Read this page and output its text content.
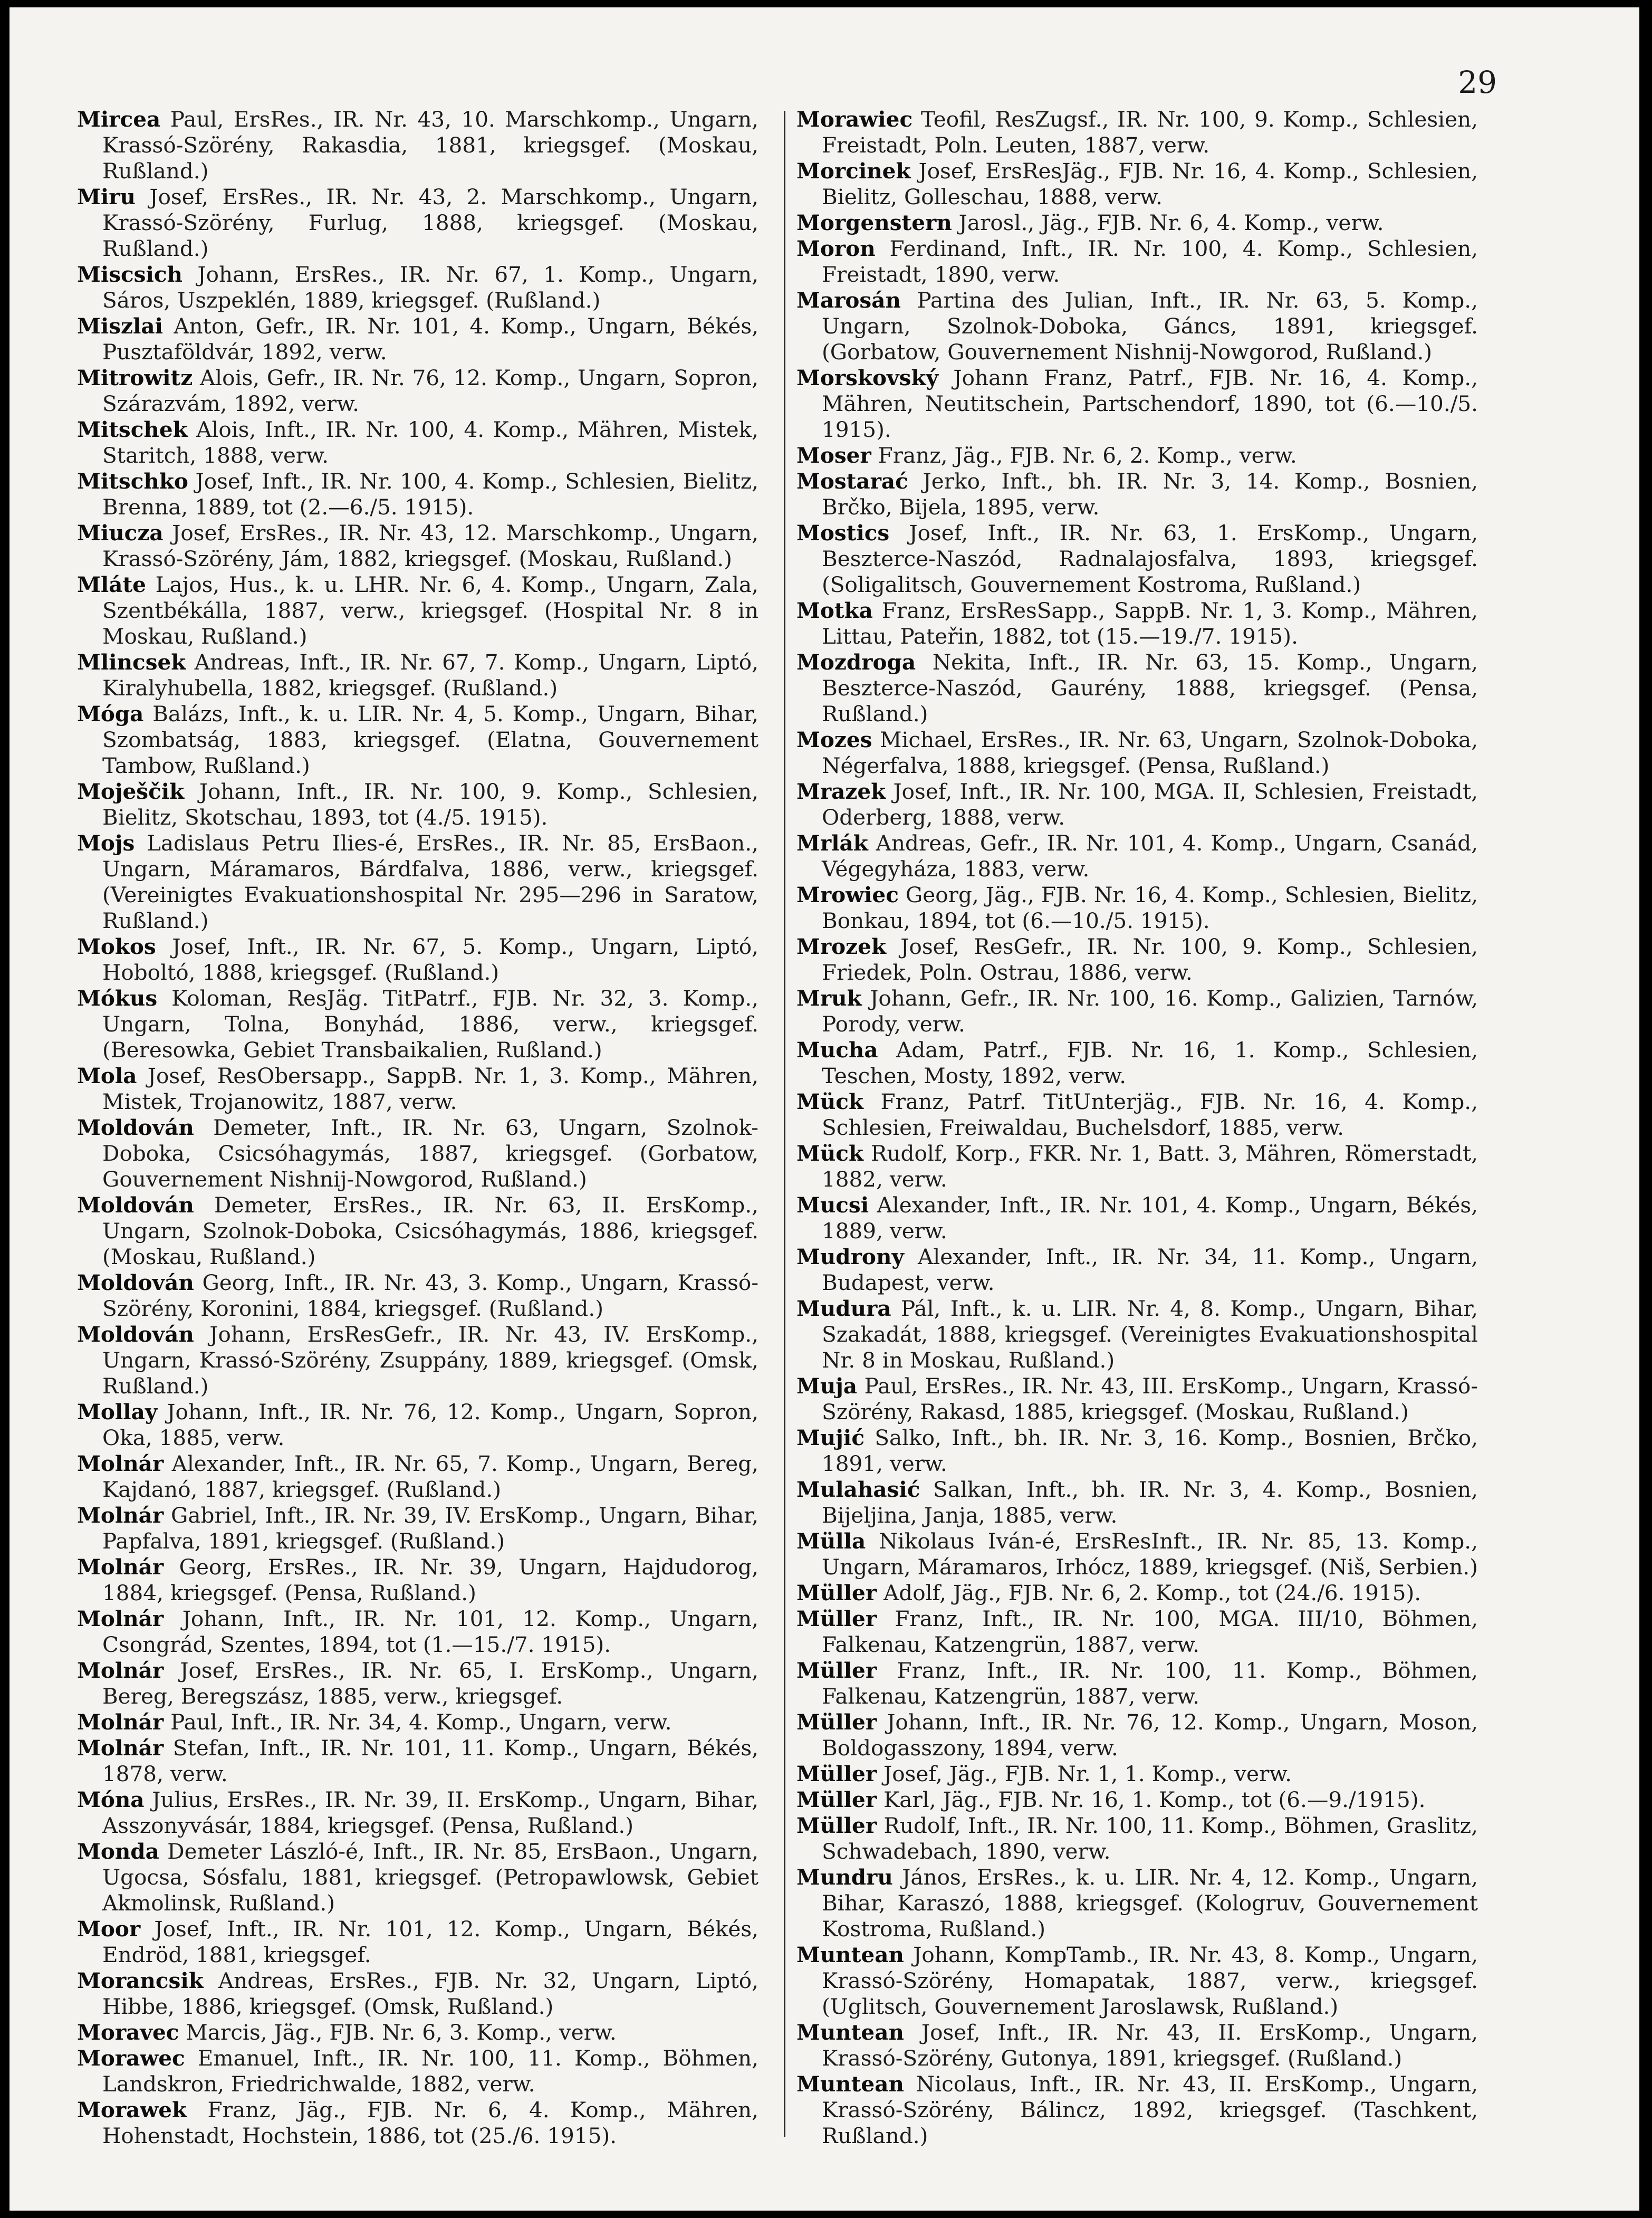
29

Mircea Paul, ErsRes., IR. Nr. 43, 10. Marschkomp., Ungarn, Krassó-Szörény, Rakasdia, 1881, kriegsgef. (Moskau, Rußland.)

Miru Josef, ErsRes., IR. Nr. 43, 2. Marschkomp., Ungarn, Krassó-Szörény, Furlug, 1888, kriegsgef. (Moskau, Rußland.)

Miscsich Johann, ErsRes., IR. Nr. 67, 1. Komp., Ungarn, Sáros, Uszpeklén, 1889, kriegsgef. (Rußland.)

Miszlai Anton, Gefr., IR. Nr. 101, 4. Komp., Ungarn, Békés, Pusztaföldvár, 1892, verw.

Mitrowitz Alois, Gefr., IR. Nr. 76, 12. Komp., Ungarn, Sopron, Szárazvám, 1892, verw.

Mitschek Alois, Inft., IR. Nr. 100, 4. Komp., Mähren, Mistek, Staritch, 1888, verw.

Mitschko Josef, Inft., IR. Nr. 100, 4. Komp., Schlesien, Bielitz, Brenna, 1889, tot (2.—6./5. 1915).

Miucza Josef, ErsRes., IR. Nr. 43, 12. Marschkomp., Ungarn, Krassó-Szörény, Jám, 1882, kriegsgef. (Moskau, Rußland.)

Mláte Lajos, Hus., k. u. LHR. Nr. 6, 4. Komp., Ungarn, Zala, Szentbékálla, 1887, verw., kriegsgef. (Hospital Nr. 8 in Moskau, Rußland.)

Mlincsek Andreas, Inft., IR. Nr. 67, 7. Komp., Ungarn, Liptó, Kiralyhubella, 1882, kriegsgef. (Rußland.)

Móga Balázs, Inft., k. u. LIR. Nr. 4, 5. Komp., Ungarn, Bihar, Szombatság, 1883, kriegsgef. (Elatna, Gouvernement Tambow, Rußland.)

Moješčik Johann, Inft., IR. Nr. 100, 9. Komp., Schlesien, Bielitz, Skotschau, 1893, tot (4./5. 1915).

Mojs Ladislaus Petru Ilies-é, ErsRes., IR. Nr. 85, ErsBaon., Ungarn, Máramaros, Bárdfalva, 1886, verw., kriegsgef. (Vereinigtes Evakuationshospital Nr. 295—296 in Saratow, Rußland.)

Mokos Josef, Inft., IR. Nr. 67, 5. Komp., Ungarn, Liptó, Hoboltó, 1888, kriegsgef. (Rußland.)

Mókus Koloman, ResJäg. TitPatrf., FJB. Nr. 32, 3. Komp., Ungarn, Tolna, Bonyhád, 1886, verw., kriegsgef. (Beresowka, Gebiet Transbaikalien, Rußland.)

Mola Josef, ResObersapp., SappB. Nr. 1, 3. Komp., Mähren, Mistek, Trojanowitz, 1887, verw.

Moldován Demeter, Inft., IR. Nr. 63, Ungarn, Szolnok-Doboka, Csicsóhagymás, 1887, kriegsgef. (Gorbatow, Gouvernement Nishnij-Nowgorod, Rußland.)

Moldován Demeter, ErsRes., IR. Nr. 63, II. ErsKomp., Ungarn, Szolnok-Doboka, Csicsóhagymás, 1886, kriegsgef. (Moskau, Rußland.)

Moldován Georg, Inft., IR. Nr. 43, 3. Komp., Ungarn, Krassó-Szörény, Koronini, 1884, kriegsgef. (Rußland.)

Moldován Johann, ErsResGefr., IR. Nr. 43, IV. ErsKomp., Ungarn, Krassó-Szörény, Zsuppány, 1889, kriegsgef. (Omsk, Rußland.)

Mollay Johann, Inft., IR. Nr. 76, 12. Komp., Ungarn, Sopron, Oka, 1885, verw.

Molnár Alexander, Inft., IR. Nr. 65, 7. Komp., Ungarn, Bereg, Kajdanó, 1887, kriegsgef. (Rußland.)

Molnár Gabriel, Inft., IR. Nr. 39, IV. ErsKomp., Ungarn, Bihar, Papfalva, 1891, kriegsgef. (Rußland.)

Molnár Georg, ErsRes., IR. Nr. 39, Ungarn, Hajdudorog, 1884, kriegsgef. (Pensa, Rußland.)

Molnár Johann, Inft., IR. Nr. 101, 12. Komp., Ungarn, Csongrád, Szentes, 1894, tot (1.—15./7. 1915).

Molnár Josef, ErsRes., IR. Nr. 65, I. ErsKomp., Ungarn, Bereg, Beregszász, 1885, verw., kriegsgef.

Molnár Paul, Inft., IR. Nr. 34, 4. Komp., Ungarn, verw.

Molnár Stefan, Inft., IR. Nr. 101, 11. Komp., Ungarn, Békés, 1878, verw.

Móna Julius, ErsRes., IR. Nr. 39, II. ErsKomp., Ungarn, Bihar, Asszonyvásár, 1884, kriegsgef. (Pensa, Rußland.)

Monda Demeter László-é, Inft., IR. Nr. 85, ErsBaon., Ungarn, Ugocsa, Sósfalu, 1881, kriegsgef. (Petropawlowsk, Gebiet Akmolinsk, Rußland.)

Moor Josef, Inft., IR. Nr. 101, 12. Komp., Ungarn, Békés, Endröd, 1881, kriegsgef.

Morancsik Andreas, ErsRes., FJB. Nr. 32, Ungarn, Liptó, Hibbe, 1886, kriegsgef. (Omsk, Rußland.)

Moravec Marcis, Jäg., FJB. Nr. 6, 3. Komp., verw.

Morawec Emanuel, Inft., IR. Nr. 100, 11. Komp., Böhmen, Landskron, Friedrichwalde, 1882, verw.

Morawek Franz, Jäg., FJB. Nr. 6, 4. Komp., Mähren, Hohenstadt, Hochstein, 1886, tot (25./6. 1915).

Morawiec Teofil, ResZugsf., IR. Nr. 100, 9. Komp., Schlesien, Freistadt, Poln. Leuten, 1887, verw.

Morcinek Josef, ErsResJäg., FJB. Nr. 16, 4. Komp., Schlesien, Bielitz, Golleschau, 1888, verw.

Morgenstern Jarosl., Jäg., FJB. Nr. 6, 4. Komp., verw.

Moron Ferdinand, Inft., IR. Nr. 100, 4. Komp., Schlesien, Freistadt, 1890, verw.

Marosán Partina des Julian, Inft., IR. Nr. 63, 5. Komp., Ungarn, Szolnok-Doboka, Gáncs, 1891, kriegsgef. (Gorbatow, Gouvernement Nishnij-Nowgorod, Rußland.)

Morskovský Johann Franz, Patrf., FJB. Nr. 16, 4. Komp., Mähren, Neutitschein, Partschendorf, 1890, tot (6.—10./5. 1915).

Moser Franz, Jäg., FJB. Nr. 6, 2. Komp., verw.

Mostarać Jerko, Inft., bh. IR. Nr. 3, 14. Komp., Bosnien, Brčko, Bijela, 1895, verw.

Mostics Josef, Inft., IR. Nr. 63, 1. ErsKomp., Ungarn, Beszterce-Naszód, Radnalajosfalva, 1893, kriegsgef. (Soligalitsch, Gouvernement Kostroma, Rußland.)

Motka Franz, ErsResSapp., SappB. Nr. 1, 3. Komp., Mähren, Littau, Pateřin, 1882, tot (15.—19./7. 1915).

Mozdroga Nekita, Inft., IR. Nr. 63, 15. Komp., Ungarn, Beszterce-Naszód, Gaurény, 1888, kriegsgef. (Pensa, Rußland.)

Mozes Michael, ErsRes., IR. Nr. 63, Ungarn, Szolnok-Doboka, Négerfalva, 1888, kriegsgef. (Pensa, Rußland.)

Mrazek Josef, Inft., IR. Nr. 100, MGA. II, Schlesien, Freistadt, Oderberg, 1888, verw.

Mrlák Andreas, Gefr., IR. Nr. 101, 4. Komp., Ungarn, Csanád, Végegyháza, 1883, verw.

Mrowiec Georg, Jäg., FJB. Nr. 16, 4. Komp., Schlesien, Bielitz, Bonkau, 1894, tot (6.—10./5. 1915).

Mrozek Josef, ResGefr., IR. Nr. 100, 9. Komp., Schlesien, Friedek, Poln. Ostrau, 1886, verw.

Mruk Johann, Gefr., IR. Nr. 100, 16. Komp., Galizien, Tarnów, Porody, verw.

Mucha Adam, Patrf., FJB. Nr. 16, 1. Komp., Schlesien, Teschen, Mosty, 1892, verw.

Mück Franz, Patrf. TitUnterjäg., FJB. Nr. 16, 4. Komp., Schlesien, Freiwaldau, Buchelsdorf, 1885, verw.

Mück Rudolf, Korp., FKR. Nr. 1, Batt. 3, Mähren, Römerstadt, 1882, verw.

Mucsi Alexander, Inft., IR. Nr. 101, 4. Komp., Ungarn, Békés, 1889, verw.

Mudrony Alexander, Inft., IR. Nr. 34, 11. Komp., Ungarn, Budapest, verw.

Mudura Pál, Inft., k. u. LIR. Nr. 4, 8. Komp., Ungarn, Bihar, Szakadát, 1888, kriegsgef. (Vereinigtes Evakuationshospital Nr. 8 in Moskau, Rußland.)

Muja Paul, ErsRes., IR. Nr. 43, III. ErsKomp., Ungarn, Krassó-Szörény, Rakasd, 1885, kriegsgef. (Moskau, Rußland.)

Mujić Salko, Inft., bh. IR. Nr. 3, 16. Komp., Bosnien, Brčko, 1891, verw.

Mulahasić Salkan, Inft., bh. IR. Nr. 3, 4. Komp., Bosnien, Bijeljina, Janja, 1885, verw.

Mülla Nikolaus Iván-é, ErsResInft., IR. Nr. 85, 13. Komp., Ungarn, Máramaros, Irhócz, 1889, kriegsgef. (Niš, Serbien.)

Müller Adolf, Jäg., FJB. Nr. 6, 2. Komp., tot (24./6. 1915).

Müller Franz, Inft., IR. Nr. 100, MGA. III/10, Böhmen, Falkenau, Katzengrün, 1887, verw.

Müller Franz, Inft., IR. Nr. 100, 11. Komp., Böhmen, Falkenau, Katzengrün, 1887, verw.

Müller Johann, Inft., IR. Nr. 76, 12. Komp., Ungarn, Moson, Boldogasszony, 1894, verw.

Müller Josef, Jäg., FJB. Nr. 1, 1. Komp., verw.

Müller Karl, Jäg., FJB. Nr. 16, 1. Komp., tot (6.—9./1915).

Müller Rudolf, Inft., IR. Nr. 100, 11. Komp., Böhmen, Graslitz, Schwadebach, 1890, verw.

Mundru János, ErsRes., k. u. LIR. Nr. 4, 12. Komp., Ungarn, Bihar, Karaszó, 1888, kriegsgef. (Kologruv, Gouvernement Kostroma, Rußland.)

Muntean Johann, KompTamb., IR. Nr. 43, 8. Komp., Ungarn, Krassó-Szörény, Homapatak, 1887, verw., kriegsgef. (Uglitsch, Gouvernement Jaroslawsk, Rußland.)

Muntean Josef, Inft., IR. Nr. 43, II. ErsKomp., Ungarn, Krassó-Szörény, Gutonya, 1891, kriegsgef. (Rußland.)

Muntean Nicolaus, Inft., IR. Nr. 43, II. ErsKomp., Ungarn, Krassó-Szörény, Bálincz, 1892, kriegsgef. (Taschkent, Rußland.)
